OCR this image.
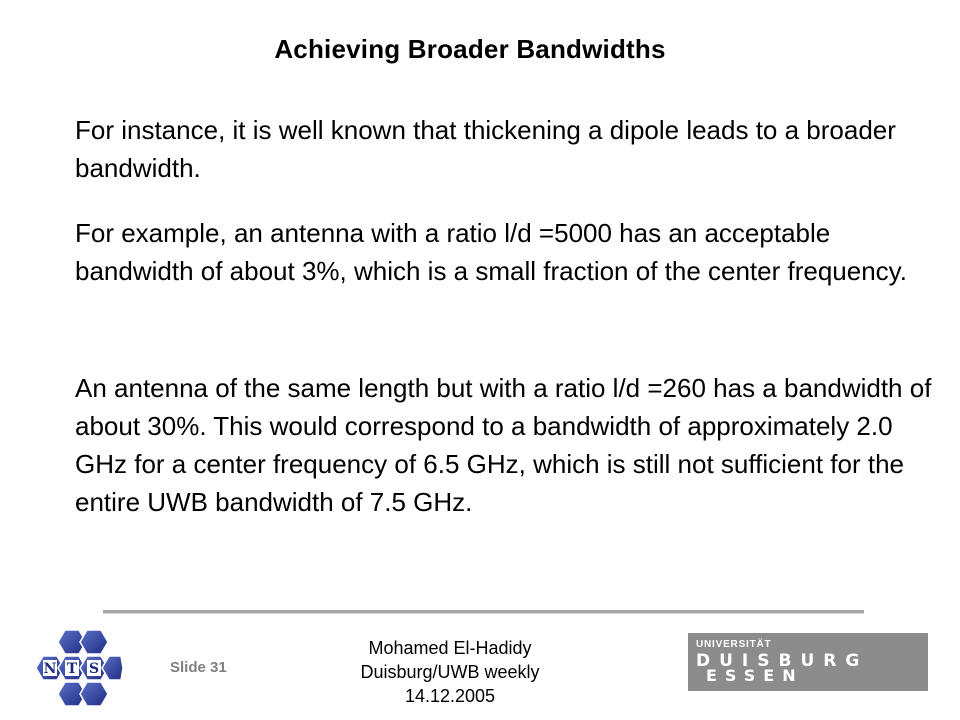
Achieving Broader Bandwidths

For instance, it is well known that thickening a dipole leads to a broader bandwidth.

For example, an antenna with a ratio l/d =5000 has an acceptable bandwidth of about 3%, which is a small fraction of the center frequency.

An antenna of the same length but with a ratio l/d =260 has a bandwidth of about 30%. This would correspond to a bandwidth of approximately 2.0 GHz for a center frequency of 6.5 GHz, which is still not sufficient for the entire UWB bandwidth of 7.5 GHz.

N T S	Slide 31
Mohamed El-Hadidy
Duisburg/UWB weekly
14.12.2005
UNIVERSITÄT
DUISBURG
ESSEN
